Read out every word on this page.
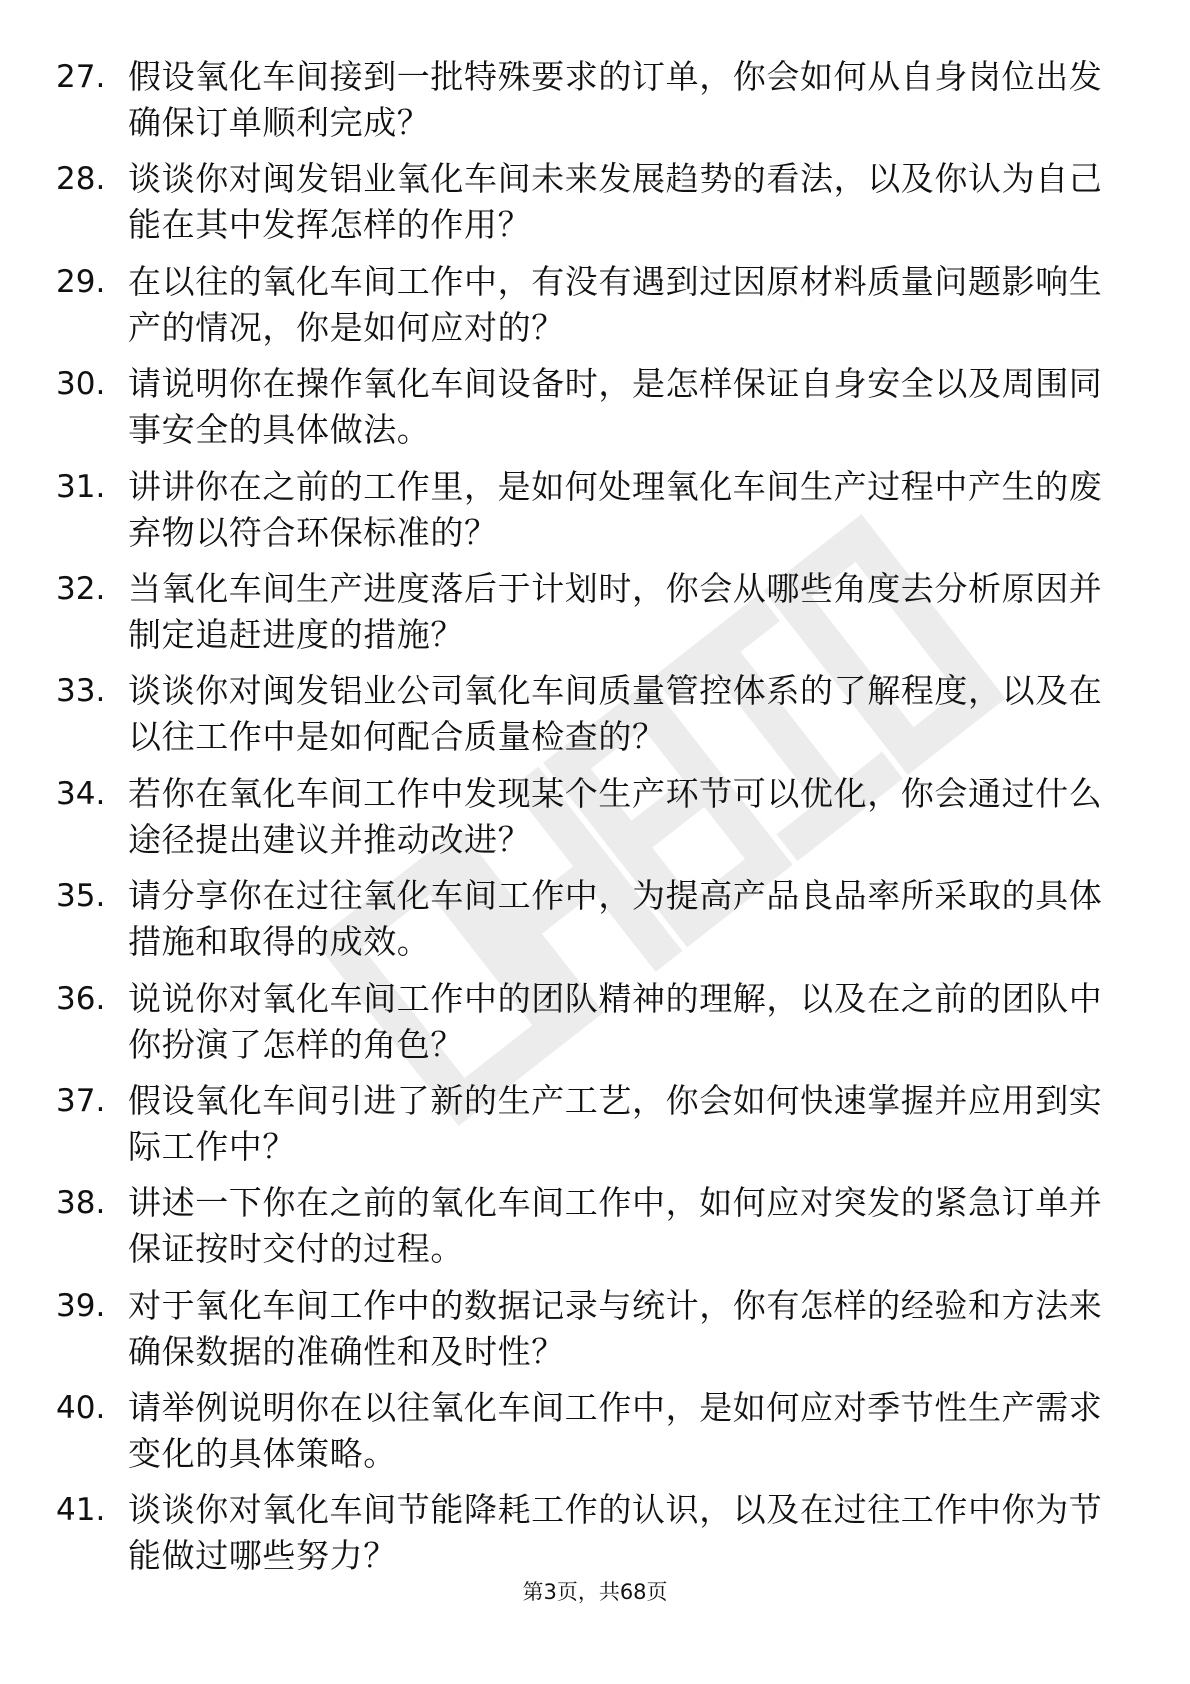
27. 假设氧化车间接到一批特殊要求的订单，你会如何从自身岗位出发确保订单顺利完成？
28. 谈谈你对闽发铝业氧化车间未来发展趋势的看法，以及你认为自己能在其中发挥怎样的作用？
29. 在以往的氧化车间工作中，有没有遇到过因原材料质量问题影响生产的情况，你是如何应对的？
30. 请说明你在操作氧化车间设备时，是怎样保证自身安全以及周围同事安全的具体做法。
31. 讲讲你在之前的工作里，是如何处理氧化车间生产过程中产生的废弃物以符合环保标准的？
32. 当氧化车间生产进度落后于计划时，你会从哪些角度去分析原因并制定追赶进度的措施？
33. 谈谈你对闽发铝业公司氧化车间质量管控体系的了解程度，以及在以往工作中是如何配合质量检查的？
34. 若你在氧化车间工作中发现某个生产环节可以优化，你会通过什么途径提出建议并推动改进？
35. 请分享你在过往氧化车间工作中，为提高产品良品率所采取的具体措施和取得的成效。
36. 说说你对氧化车间工作中的团队精神的理解，以及在之前的团队中你扮演了怎样的角色？
37. 假设氧化车间引进了新的生产工艺，你会如何快速掌握并应用到实际工作中？
38. 讲述一下你在之前的氧化车间工作中，如何应对突发的紧急订单并保证按时交付的过程。
39. 对于氧化车间工作中的数据记录与统计，你有怎样的经验和方法来确保数据的准确性和及时性？
40. 请举例说明你在以往氧化车间工作中，是如何应对季节性生产需求变化的具体策略。
41. 谈谈你对氧化车间节能降耗工作的认识，以及在过往工作中你为节能做过哪些努力？
第3页，共68页
